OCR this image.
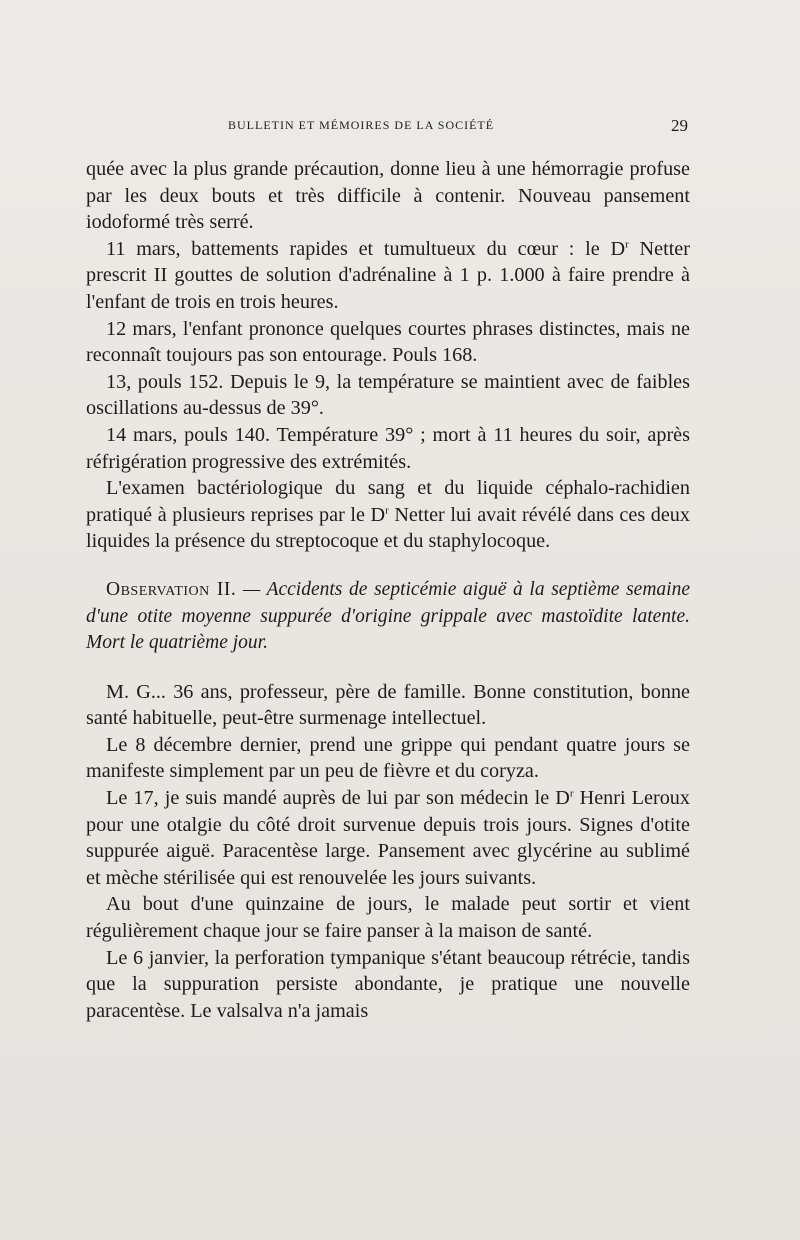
BULLETIN ET MÉMOIRES DE LA SOCIÉTÉ	29

quée avec la plus grande précaution, donne lieu à une hémorragie profuse par les deux bouts et très difficile à contenir. Nouveau pansement iodoformé très serré.

11 mars, battements rapides et tumultueux du cœur : le $D^r$ Netter prescrit II gouttes de solution d'adrénaline à 1 p. 1.000 à faire prendre à l'enfant de trois en trois heures.

12 mars, l'enfant prononce quelques courtes phrases distinctes, mais ne reconnaît toujours pas son entourage. Pouls 168.

13, pouls 152. Depuis le 9, la température se maintient avec de faibles oscillations au-dessus de 39°.

14 mars, pouls 140. Température 39° ; mort à 11 heures du soir, après réfrigération progressive des extrémités.

L'examen bactériologique du sang et du liquide céphalo-rachidien pratiqué à plusieurs reprises par le $D^r$ Netter lui avait révélé dans ces deux liquides la présence du streptocoque et du staphylocoque.

Observation II. — Accidents de septicémie aiguë à la septième semaine d'une otite moyenne suppurée d'origine grippale avec mastoïdite latente. Mort le quatrième jour.

M. G... 36 ans, professeur, père de famille. Bonne constitution, bonne santé habituelle, peut-être surmenage intellectuel.

Le 8 décembre dernier, prend une grippe qui pendant quatre jours se manifeste simplement par un peu de fièvre et du coryza.

Le 17, je suis mandé auprès de lui par son médecin le $D^r$ Henri Leroux pour une otalgie du côté droit survenue depuis trois jours. Signes d'otite suppurée aiguë. Paracentèse large. Pansement avec glycérine au sublimé et mèche stérilisée qui est renouvelée les jours suivants.

Au bout d'une quinzaine de jours, le malade peut sortir et vient régulièrement chaque jour se faire panser à la maison de santé.

Le 6 janvier, la perforation tympanique s'étant beaucoup rétrécie, tandis que la suppuration persiste abondante, je pratique une nouvelle paracentèse. Le valsalva n'a jamais
